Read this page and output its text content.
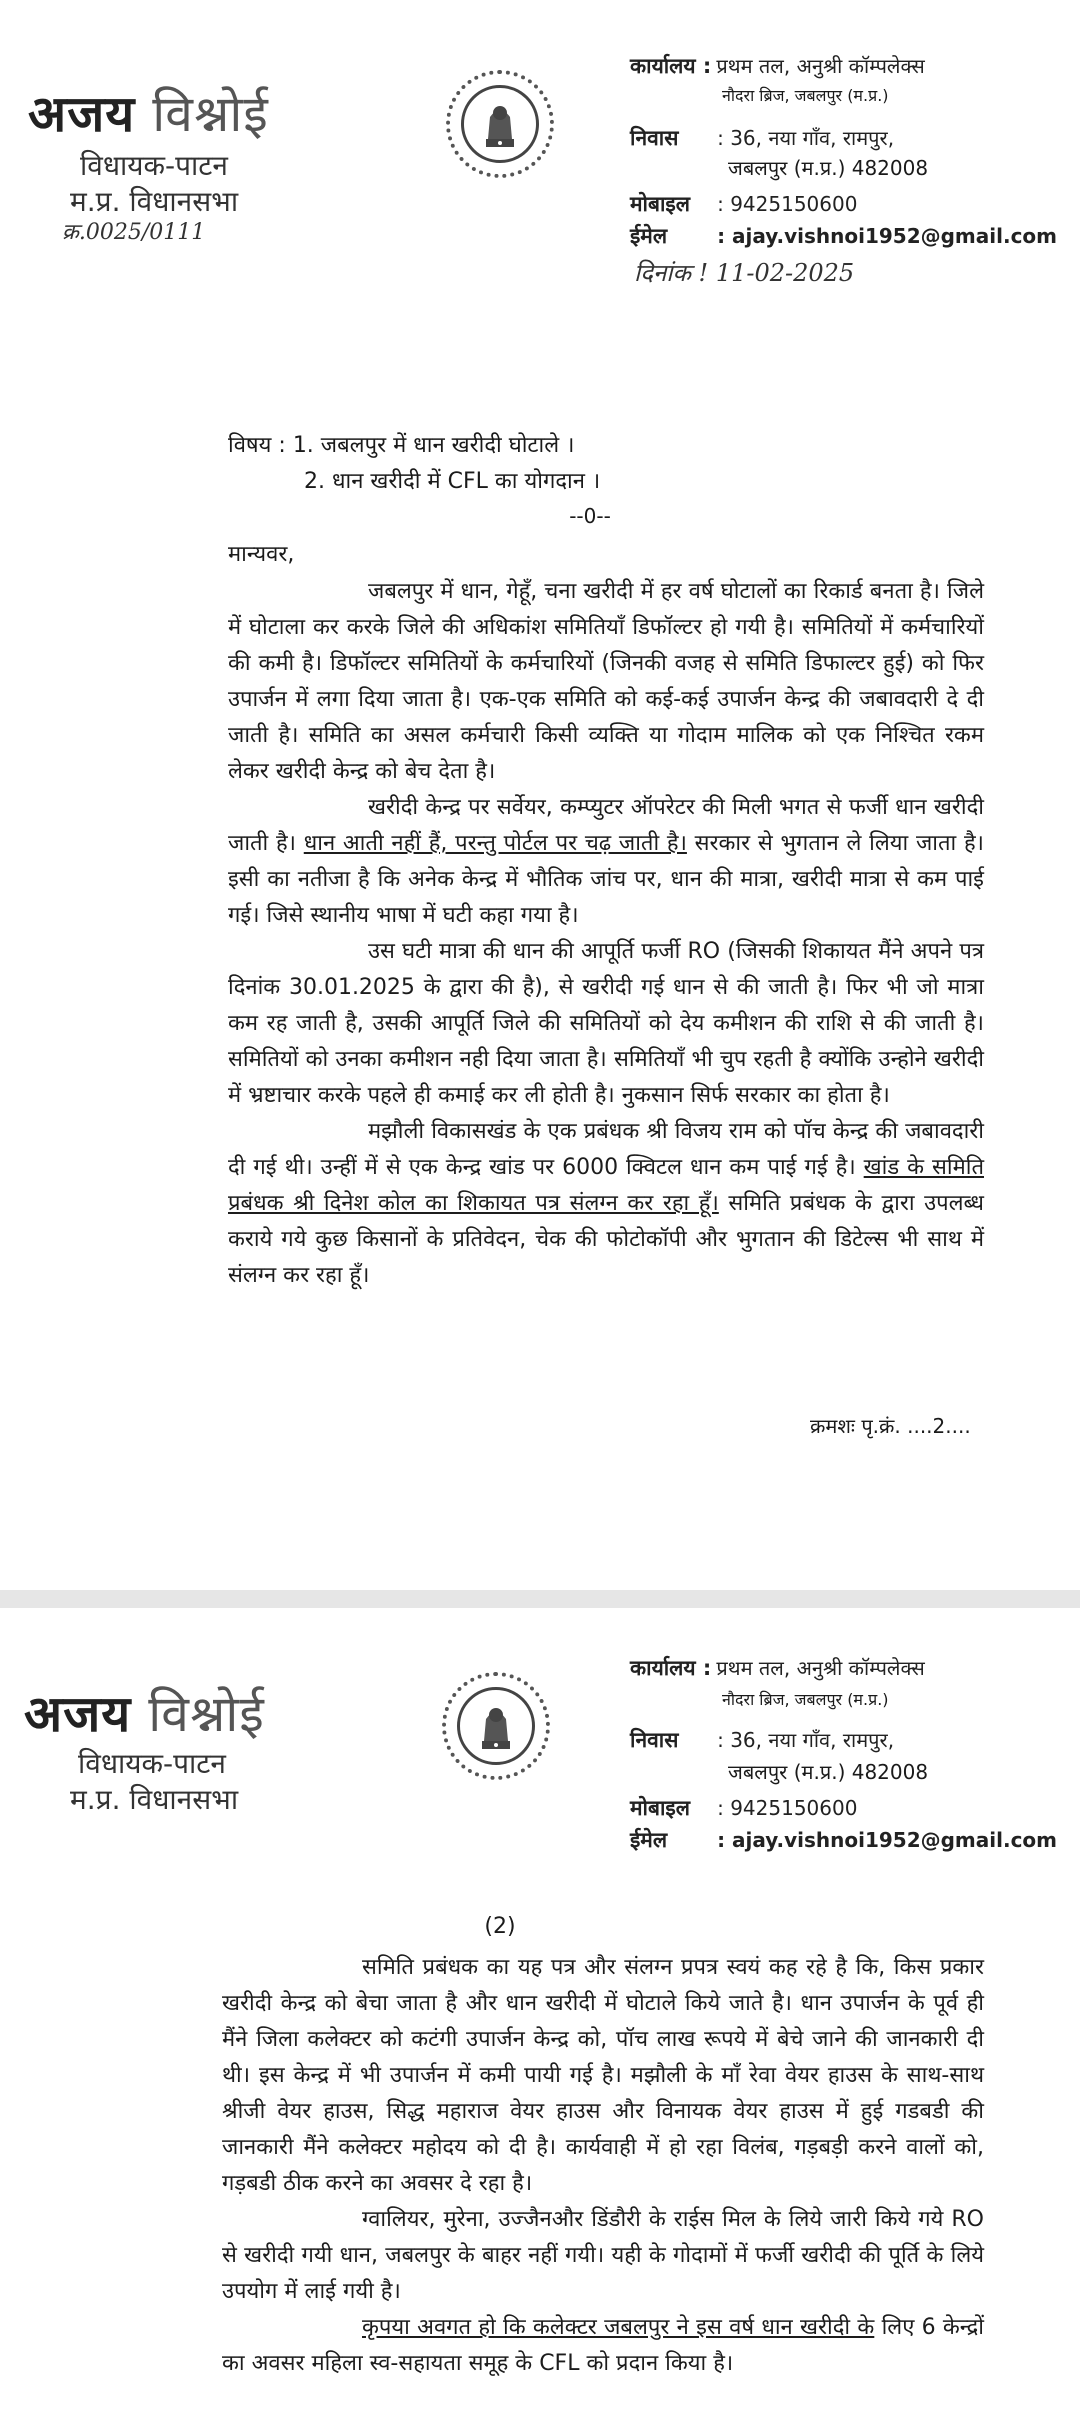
अजय विश्नोई
विधायक-पाटन
म.प्र. विधानसभा
क्र.0025/0111
कार्यालय : प्रथम तल, अनुश्री कॉम्पलेक्स
नौदरा ब्रिज, जबलपुर (म.प्र.)
निवास : 36, नया गाँव, रामपुर,
जबलपुर (म.प्र.) 482008
मोबाइल : 9425150600
ईमेल : ajay.vishnoi1952@gmail.com
दिनांक ! 11-02-2025
विषय : 1. जबलपुर में धान खरीदी घोटाले ।
2. धान खरीदी में CFL का योगदान ।
--0--
मान्यवर,

जबलपुर में धान, गेहूँ, चना खरीदी में हर वर्ष घोटालों का रिकार्ड बनता है। जिले में घोटाला कर करके जिले की अधिकांश समितियाँ डिफॉल्टर हो गयी है। समितियों में कर्मचारियों की कमी है। डिफॉल्टर समितियों के कर्मचारियों (जिनकी वजह से समिति डिफाल्टर हुई) को फिर उपार्जन में लगा दिया जाता है। एक-एक समिति को कई-कई उपार्जन केन्द्र की जबावदारी दे दी जाती है। समिति का असल कर्मचारी किसी व्यक्ति या गोदाम मालिक को एक निश्चित रकम लेकर खरीदी केन्द्र को बेच देता है।

खरीदी केन्द्र पर सर्वेयर, कम्प्युटर ऑपरेटर की मिली भगत से फर्जी धान खरीदी जाती है। धान आती नहीं हैं, परन्तु पोर्टल पर चढ़ जाती है। सरकार से भुगतान ले लिया जाता है। इसी का नतीजा है कि अनेक केन्द्र में भौतिक जांच पर, धान की मात्रा, खरीदी मात्रा से कम पाई गई। जिसे स्थानीय भाषा में घटी कहा गया है।

उस घटी मात्रा की धान की आपूर्ति फर्जी RO (जिसकी शिकायत मैंने अपने पत्र दिनांक 30.01.2025 के द्वारा की है), से खरीदी गई धान से की जाती है। फिर भी जो मात्रा कम रह जाती है, उसकी आपूर्ति जिले की समितियों को देय कमीशन की राशि से की जाती है। समितियों को उनका कमीशन नही दिया जाता है। समितियाँ भी चुप रहती है क्योंकि उन्होने खरीदी में भ्रष्टाचार करके पहले ही कमाई कर ली होती है। नुकसान सिर्फ सरकार का होता है।

मझौली विकासखंड के एक प्रबंधक श्री विजय राम को पॉच केन्द्र की जबावदारी दी गई थी। उन्हीं में से एक केन्द्र खांड पर 6000 क्विटल धान कम पाई गई है। खांड के समिति प्रबंधक श्री दिनेश कोल का शिकायत पत्र संलग्न कर रहा हूँ। समिति प्रबंधक के द्वारा उपलब्ध कराये गये कुछ किसानों के प्रतिवेदन, चेक की फोटोकॉपी और भुगतान की डिटेल्स भी साथ में संलग्न कर रहा हूँ।

क्रमशः पृ.क्रं. ....2....
अजय विश्नोई
विधायक-पाटन
म.प्र. विधानसभा
कार्यालय : प्रथम तल, अनुश्री कॉम्पलेक्स
नौदरा ब्रिज, जबलपुर (म.प्र.)
निवास : 36, नया गाँव, रामपुर,
जबलपुर (म.प्र.) 482008
मोबाइल : 9425150600
ईमेल : ajay.vishnoi1952@gmail.com
(2)

समिति प्रबंधक का यह पत्र और संलग्न प्रपत्र स्वयं कह रहे है कि, किस प्रकार खरीदी केन्द्र को बेचा जाता है और धान खरीदी में घोटाले किये जाते है। धान उपार्जन के पूर्व ही मैंने जिला कलेक्टर को कटंगी उपार्जन केन्द्र को, पॉच लाख रूपये में बेचे जाने की जानकारी दी थी। इस केन्द्र में भी उपार्जन में कमी पायी गई है। मझौली के मॉं रेवा वेयर हाउस के साथ-साथ श्रीजी वेयर हाउस, सिद्ध महाराज वेयर हाउस और विनायक वेयर हाउस में हुई गडबडी की जानकारी मैंने कलेक्टर महोदय को दी है। कार्यवाही में हो रहा विलंब, गड़बड़ी करने वालों को, गड़बडी ठीक करने का अवसर दे रहा है।

ग्वालियर, मुरेना, उज्जैनऔर डिंडौरी के राईस मिल के लिये जारी किये गये RO से खरीदी गयी धान, जबलपुर के बाहर नहीं गयी। यही के गोदामों में फर्जी खरीदी की पूर्ति के लिये उपयोग में लाई गयी है।

कृपया अवगत हो कि कलेक्टर जबलपुर ने इस वर्ष धान खरीदी के लिए 6 केन्द्रों का अवसर महिला स्व-सहायता समूह के CFL को प्रदान किया है।
